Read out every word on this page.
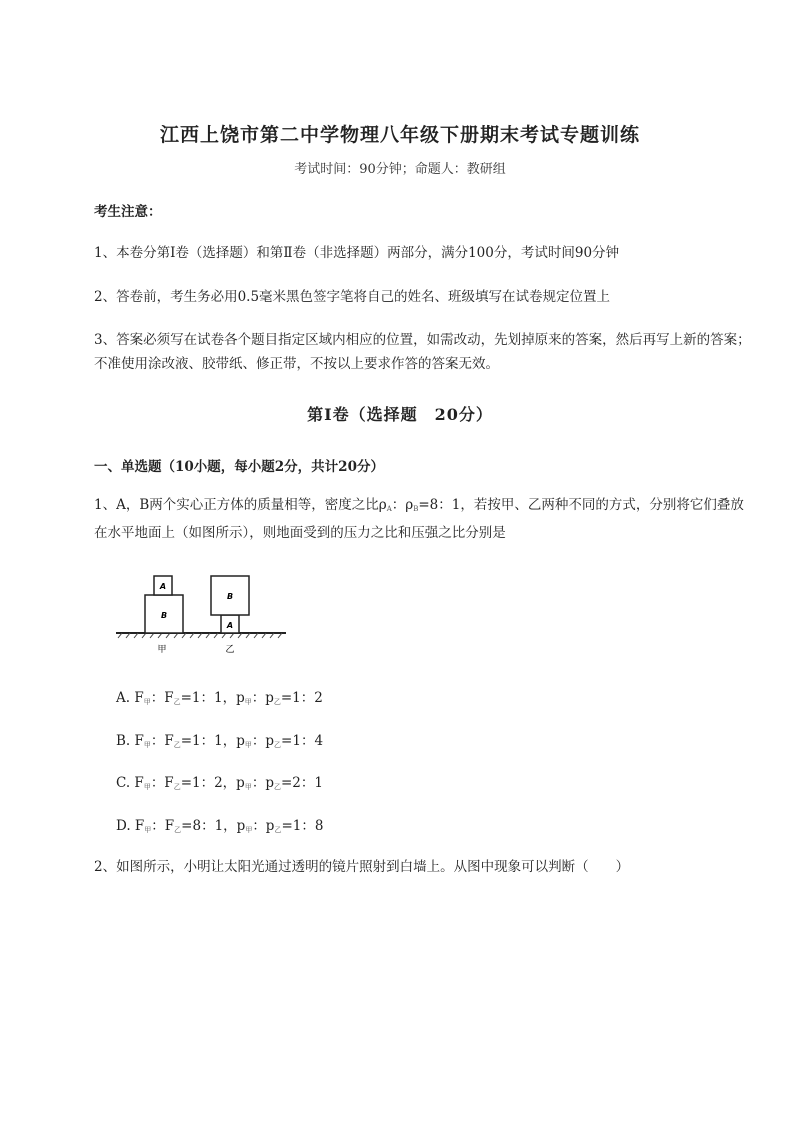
江西上饶市第二中学物理八年级下册期末考试专题训练
考试时间：90分钟；命题人：教研组
考生注意：
1、本卷分第Ⅰ卷（选择题）和第Ⅱ卷（非选择题）两部分，满分100分，考试时间90分钟
2、答卷前，考生务必用0.5毫米黑色签字笔将自己的姓名、班级填写在试卷规定位置上
3、答案必须写在试卷各个题目指定区域内相应的位置，如需改动，先划掉原来的答案，然后再写上新的答案；不准使用涂改液、胶带纸、修正带，不按以上要求作答的答案无效。
第Ⅰ卷（选择题　20分）
一、单选题（10小题，每小题2分，共计20分）
1、A，B两个实心正方体的质量相等，密度之比$\rho_A$：$\rho_B=8$：1，若按甲、乙两种不同的方式，分别将它们叠放在水平地面上（如图所示），则地面受到的压力之比和压强之比分别是
B
A
A
B
甲	乙
A. $F_甲$：$F_乙=1$：1，$p_甲$：$p_乙=1$：2
B. $F_甲$：$F_乙=1$：1，$p_甲$：$p_乙=1$：4
C. $F_甲$：$F_乙=1$：2，$p_甲$：$p_乙=2$：1
D. $F_甲$：$F_乙=8$：1，$p_甲$：$p_乙=1$：8
2、如图所示，小明让太阳光通过透明的镜片照射到白墙上。从图中现象可以判断（　　）
